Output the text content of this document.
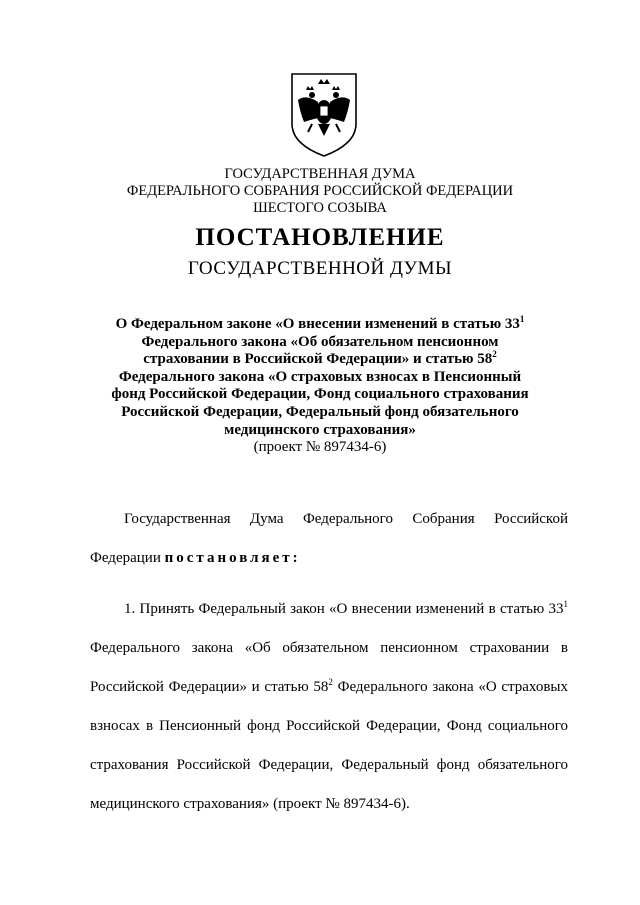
ГОСУДАРСТВЕННАЯ ДУМА
ФЕДЕРАЛЬНОГО СОБРАНИЯ РОССИЙСКОЙ ФЕДЕРАЦИИ
ШЕСТОГО СОЗЫВА
ПОСТАНОВЛЕНИЕ
ГОСУДАРСТВЕННОЙ ДУМЫ
О Федеральном законе «О внесении изменений в статью $33^1$ Федерального закона «Об обязательном пенсионном страховании в Российской Федерации» и статью $58^2$ Федерального закона «О страховых взносах в Пенсионный фонд Российской Федерации, Фонд социального страхования Российской Федерации, Федеральный фонд обязательного медицинского страхования»
(проект № 897434-6)
Государственная Дума Федерального Собрания Российской Федерации постановляет:
1. Принять Федеральный закон «О внесении изменений в статью $33^1$ Федерального закона «Об обязательном пенсионном страховании в Российской Федерации» и статью $58^2$ Федерального закона «О страховых взносах в Пенсионный фонд Российской Федерации, Фонд социального страхования Российской Федерации, Федеральный фонд обязательного медицинского страхования» (проект № 897434-6).
